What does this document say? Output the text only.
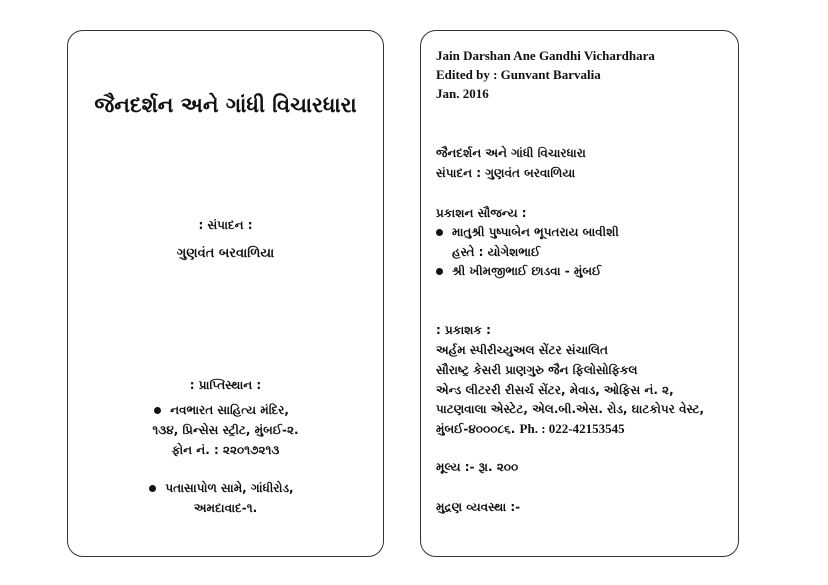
જૈનદર્શન અને ગાંધી વિચારધારા
: સંપાદન :
ગુણવંત બરવાળિયા
: પ્રાપ્તિસ્થાન :
નવભારત સાહિત્ય મંદિર,
૧૩૪, પ્રિન્સેસ સ્ટ્રીટ, મુંબઈ-૨.
ફોન નં. : ૨૨૦૧૭૨૧૩
પતાસાપોળ સામે, ગાંધીરોડ,
અમદાવાદ-૧.
Jain Darshan Ane Gandhi Vichardhara
Edited by : Gunvant Barvalia
Jan. 2016
જૈનદર્શન અને ગાંધી વિચારધારા
સંપાદન : ગુણવંત બરવાળિયા
પ્રકાશન સૌજન્ય :
માતુશ્રી પુષ્પાબેન ભૂપતરાય બાવીશી
હસ્તે : યોગેશભાઈ
શ્રી ખીમજીભાઈ છાડવા - મુંબઈ
: પ્રકાશક :
અર્હમ સ્પીરીચ્યુઅલ સેંટર સંચાલિત
સૌરાષ્ટ્ર કેસરી પ્રાણગુરુ જૈન ફિલોસોફિકલ
એન્ડ લીટરરી રીસર્ચ સેંટર, મેવાડ, ઓફિસ નં. ૨,
પાટણવાલા એસ્ટેટ, એલ.બી.એસ. રોડ, ઘાટકોપર વેસ્ટ,
મુંબઈ-૪૦૦૦૮૬. Ph. : 022-42153545
મૂલ્ય :- રૂા. ૨૦૦
મુદ્રણ વ્યવસ્થા :-
